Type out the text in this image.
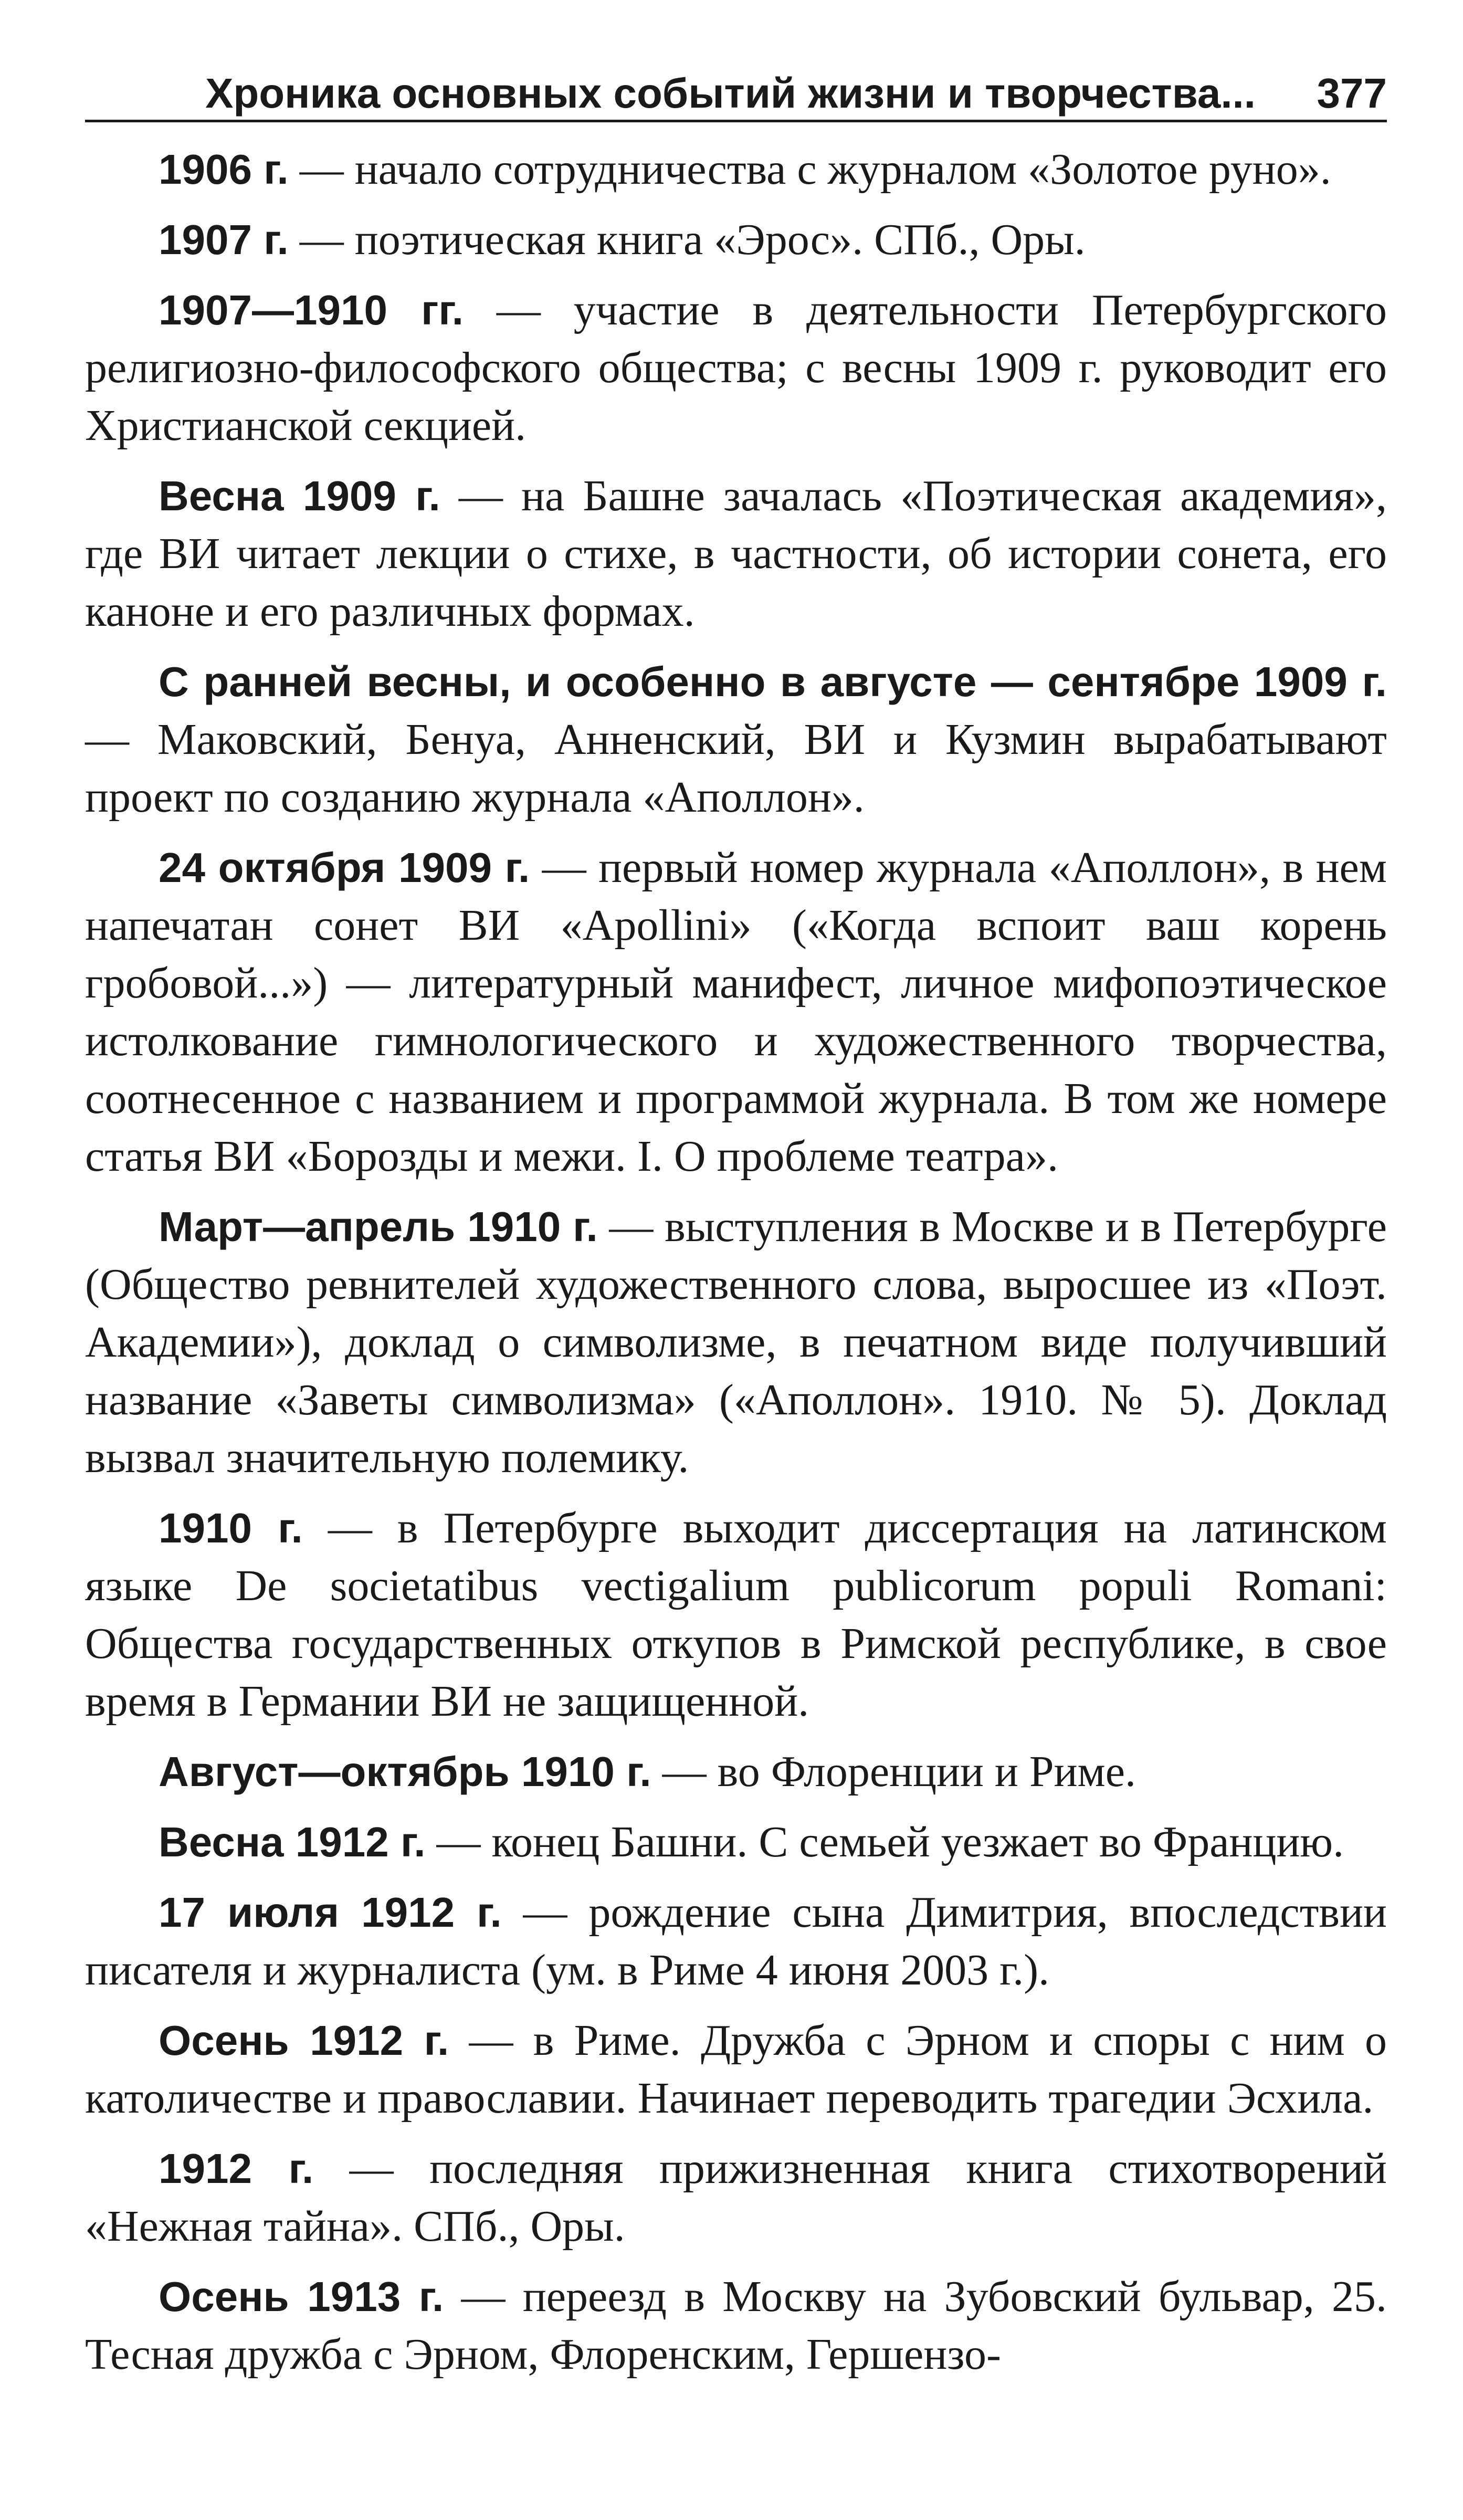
Хроника основных событий жизни и творчества... 377

1906 г. — начало сотрудничества с журналом «Золотое руно».

1907 г. — поэтическая книга «Эрос». СПб., Оры.

1907—1910 гг. — участие в деятельности Петербургского религиозно-философского общества; с весны 1909 г. руководит его Христианской секцией.

Весна 1909 г. — на Башне зачалась «Поэтическая академия», где ВИ читает лекции о стихе, в частности, об истории сонета, его каноне и его различных формах.

С ранней весны, и особенно в августе — сентябре 1909 г. — Маковский, Бенуа, Анненский, ВИ и Кузмин вырабатывают проект по созданию журнала «Аполлон».

24 октября 1909 г. — первый номер журнала «Аполлон», в нем напечатан сонет ВИ «Apollini» («Когда вспоит ваш корень гробовой...») — литературный манифест, личное мифопоэтическое истолкование гимнологического и художественного творчества, соотнесенное с названием и программой журнала. В том же номере статья ВИ «Борозды и межи. I. О проблеме театра».

Март—апрель 1910 г. — выступления в Москве и в Петербурге (Общество ревнителей художественного слова, выросшее из «Поэт. Академии»), доклад о символизме, в печатном виде получивший название «Заветы символизма» («Аполлон». 1910. № 5). Доклад вызвал значительную полемику.

1910 г. — в Петербурге выходит диссертация на латинском языке De societatibus vectigalium publicorum populi Romani: Общества государственных откупов в Римской республике, в свое время в Германии ВИ не защищенной.

Август—октябрь 1910 г. — во Флоренции и Риме.

Весна 1912 г. — конец Башни. С семьей уезжает во Францию.

17 июля 1912 г. — рождение сына Димитрия, впоследствии писателя и журналиста (ум. в Риме 4 июня 2003 г.).

Осень 1912 г. — в Риме. Дружба с Эрном и споры с ним о католичестве и православии. Начинает переводить трагедии Эсхила.

1912 г. — последняя прижизненная книга стихотворений «Нежная тайна». СПб., Оры.

Осень 1913 г. — переезд в Москву на Зубовский бульвар, 25. Тесная дружба с Эрном, Флоренским, Гершензо-
